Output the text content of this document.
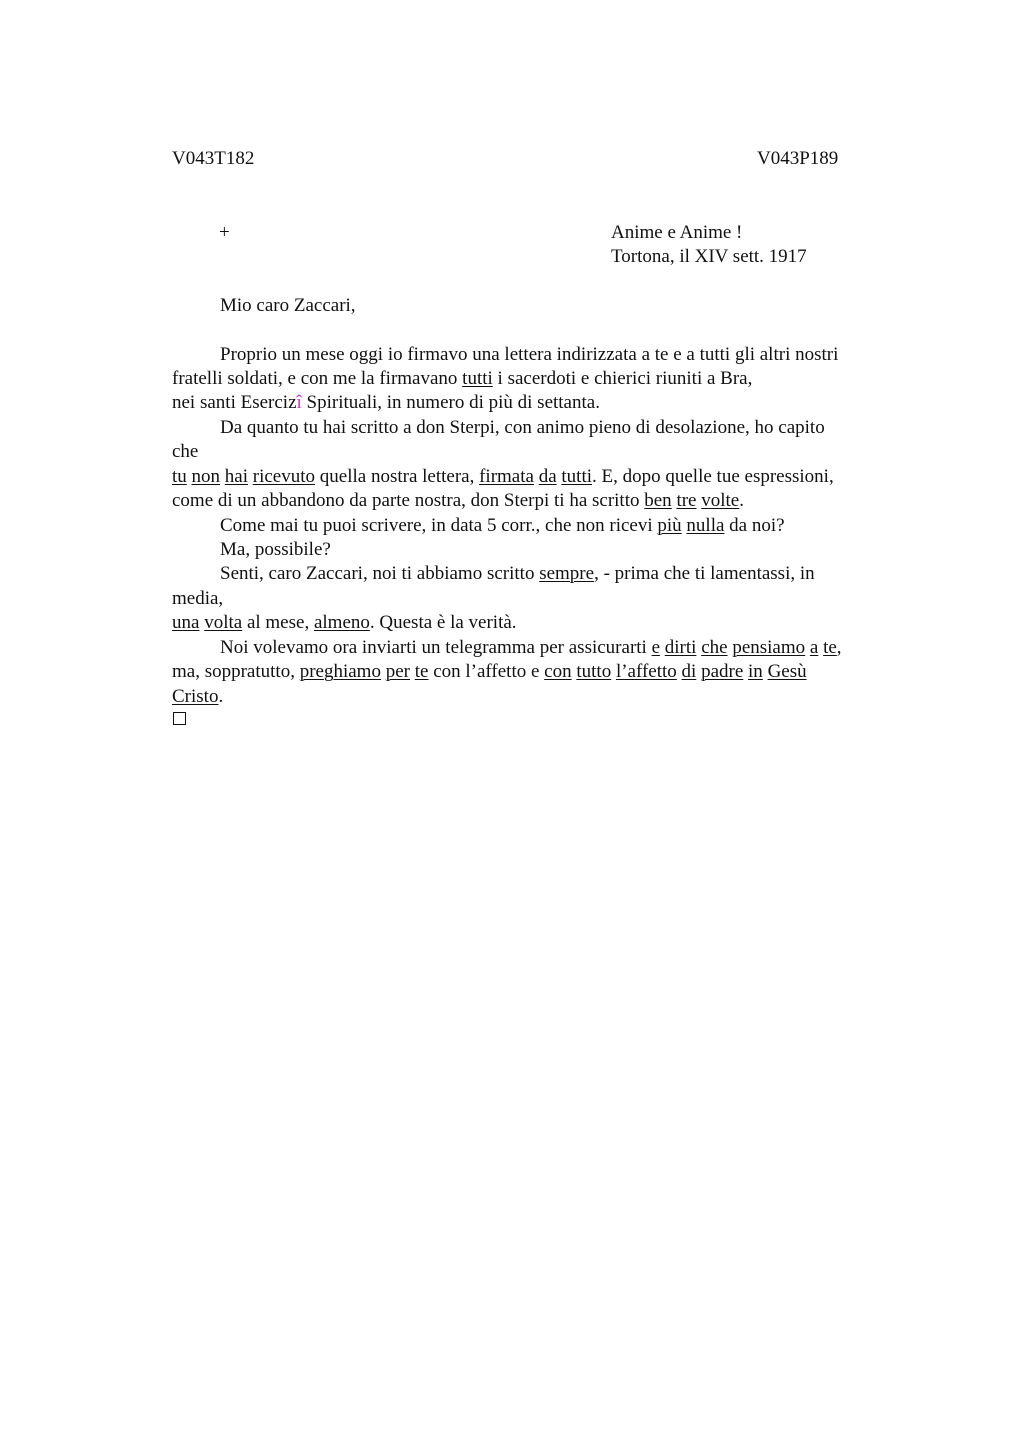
V043T182	V043P189
+	Anime e Anime !
Tortona, il XIV sett. 1917
Mio caro Zaccari,
Proprio un mese oggi io firmavo una lettera indirizzata a te e a tutti gli altri nostri
fratelli soldati, e con me la firmavano tutti i sacerdoti e chierici riuniti a Bra,
nei santi Esercizî Spirituali, in numero di più di settanta.
Da quanto tu hai scritto a don Sterpi, con animo pieno di desolazione, ho capito
che
tu non hai ricevuto quella nostra lettera, firmata da tutti. E, dopo quelle tue espressioni,
come di un abbandono da parte nostra, don Sterpi ti ha scritto ben tre volte.
Come mai tu puoi scrivere, in data 5 corr., che non ricevi più nulla da noi?
Ma, possibile?
Senti, caro Zaccari, noi ti abbiamo scritto sempre, - prima che ti lamentassi, in
media,
una volta al mese, almeno. Questa è la verità.
Noi volevamo ora inviarti un telegramma per assicurarti e dirti che pensiamo a te,
ma, soppratutto, preghiamo per te con l’affetto e con tutto l’affetto di padre in Gesù
Cristo.
